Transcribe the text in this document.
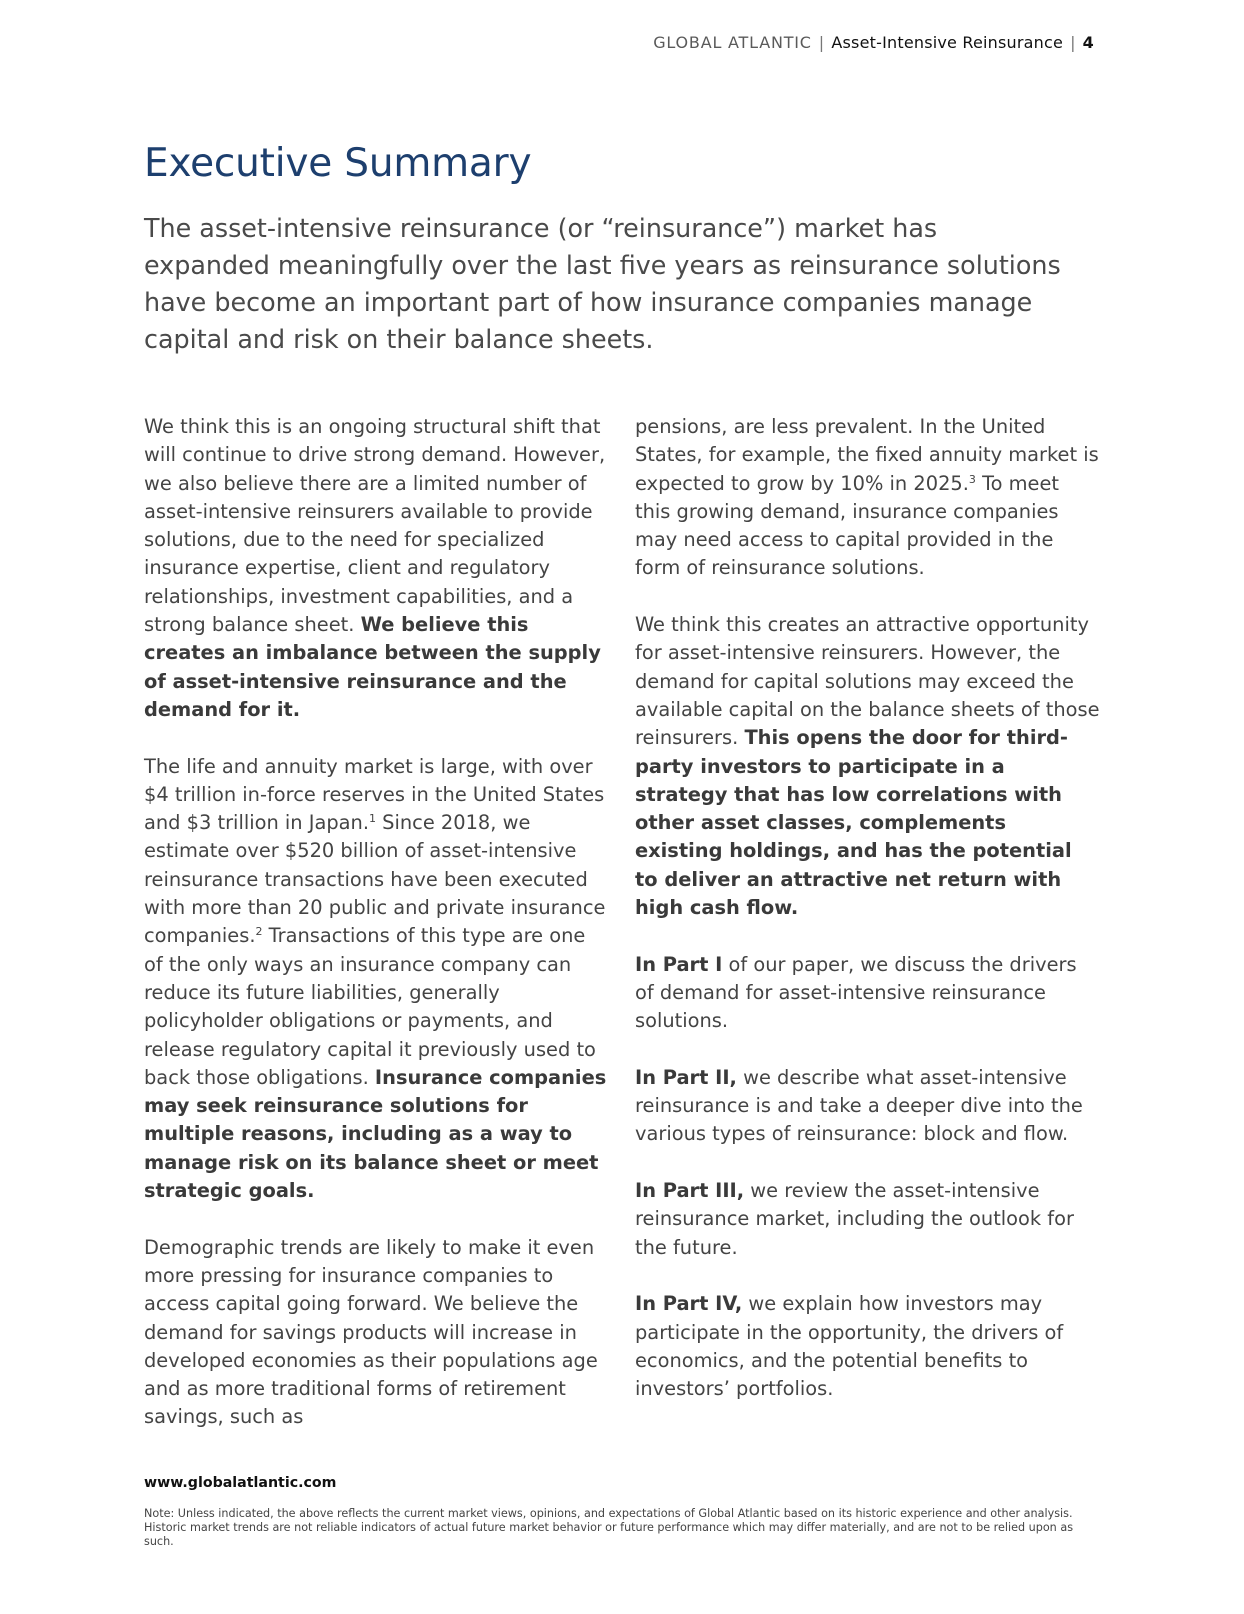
GLOBAL ATLANTIC | Asset-Intensive Reinsurance | 4
Executive Summary

The asset-intensive reinsurance (or “reinsurance”) market has expanded meaningfully over the last five years as reinsurance solutions have become an important part of how insurance companies manage capital and risk on their balance sheets.

We think this is an ongoing structural shift that will continue to drive strong demand. However, we also believe there are a limited number of asset-intensive reinsurers available to provide solutions, due to the need for specialized insurance expertise, client and regulatory relationships, investment capabilities, and a strong balance sheet. We believe this creates an imbalance between the supply of asset-intensive reinsurance and the demand for it.

The life and annuity market is large, with over $4 trillion in-force reserves in the United States and $3 trillion in Japan.$^1$ Since 2018, we estimate over $520 billion of asset-intensive reinsurance transactions have been executed with more than 20 public and private insurance companies.$^2$ Transactions of this type are one of the only ways an insurance company can reduce its future liabilities, generally policyholder obligations or payments, and release regulatory capital it previously used to back those obligations. Insurance companies may seek reinsurance solutions for multiple reasons, including as a way to manage risk on its balance sheet or meet strategic goals.

Demographic trends are likely to make it even more pressing for insurance companies to access capital going forward. We believe the demand for savings products will increase in developed economies as their populations age and as more traditional forms of retirement savings, such as

pensions, are less prevalent. In the United States, for example, the fixed annuity market is expected to grow by 10% in 2025.$^3$ To meet this growing demand, insurance companies may need access to capital provided in the form of reinsurance solutions.

We think this creates an attractive opportunity for asset-intensive reinsurers. However, the demand for capital solutions may exceed the available capital on the balance sheets of those reinsurers. This opens the door for third-party investors to participate in a strategy that has low correlations with other asset classes, complements existing holdings, and has the potential to deliver an attractive net return with high cash flow.

In Part I of our paper, we discuss the drivers of demand for asset-intensive reinsurance solutions.

In Part II, we describe what asset-intensive reinsurance is and take a deeper dive into the various types of reinsurance: block and flow.

In Part III, we review the asset-intensive reinsurance market, including the outlook for the future.

In Part IV, we explain how investors may participate in the opportunity, the drivers of economics, and the potential benefits to investors’ portfolios.

www.globalatlantic.com

Note: Unless indicated, the above reflects the current market views, opinions, and expectations of Global Atlantic based on its historic experience and other analysis. Historic market trends are not reliable indicators of actual future market behavior or future performance which may differ materially, and are not to be relied upon as such.
